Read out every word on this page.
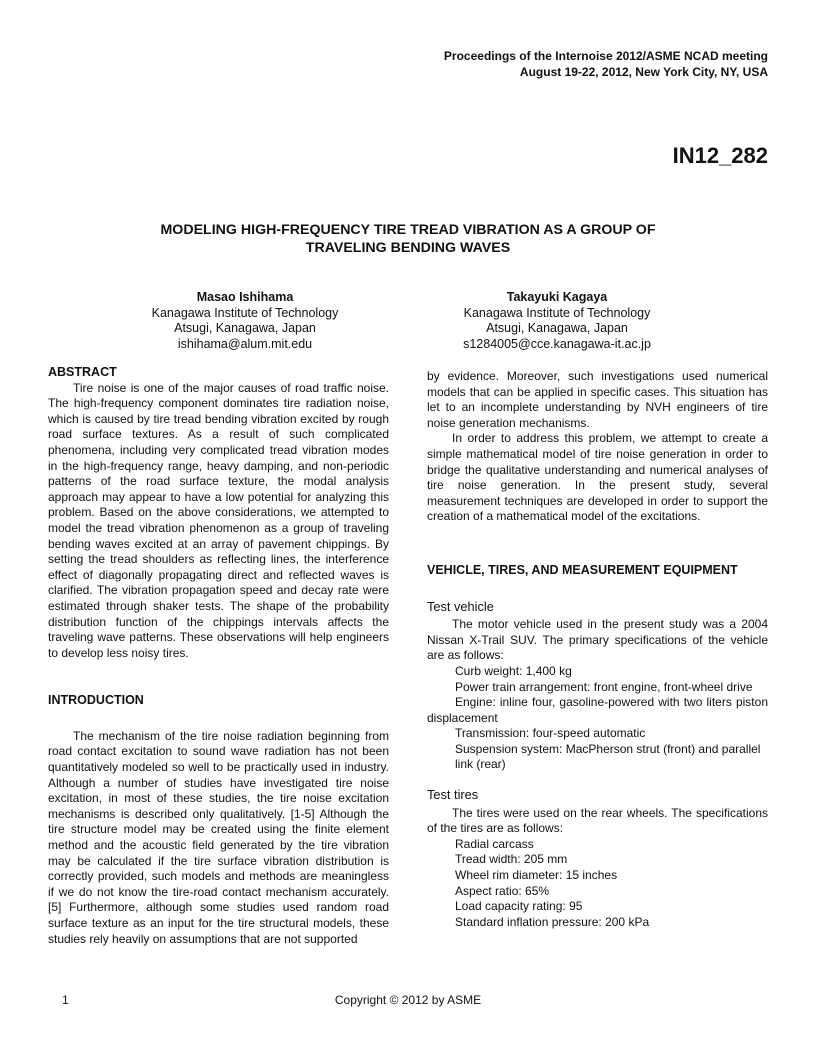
Proceedings of the Internoise 2012/ASME NCAD meeting
August 19-22, 2012, New York City, NY, USA
IN12_282
MODELING HIGH-FREQUENCY TIRE TREAD VIBRATION AS A GROUP OF
TRAVELING BENDING WAVES
Masao Ishihama
Kanagawa Institute of Technology
Atsugi, Kanagawa, Japan
ishihama@alum.mit.edu
Takayuki Kagaya
Kanagawa Institute of Technology
Atsugi, Kanagawa, Japan
s1284005@cce.kanagawa-it.ac.jp
ABSTRACT

Tire noise is one of the major causes of road traffic noise. The high-frequency component dominates tire radiation noise, which is caused by tire tread bending vibration excited by rough road surface textures. As a result of such complicated phenomena, including very complicated tread vibration modes in the high-frequency range, heavy damping, and non-periodic patterns of the road surface texture, the modal analysis approach may appear to have a low potential for analyzing this problem. Based on the above considerations, we attempted to model the tread vibration phenomenon as a group of traveling bending waves excited at an array of pavement chippings. By setting the tread shoulders as reflecting lines, the interference effect of diagonally propagating direct and reflected waves is clarified. The vibration propagation speed and decay rate were estimated through shaker tests. The shape of the probability distribution function of the chippings intervals affects the traveling wave patterns. These observations will help engineers to develop less noisy tires.

INTRODUCTION

The mechanism of the tire noise radiation beginning from road contact excitation to sound wave radiation has not been quantitatively modeled so well to be practically used in industry. Although a number of studies have investigated tire noise excitation, in most of these studies, the tire noise excitation mechanisms is described only qualitatively. [1-5] Although the tire structure model may be created using the finite element method and the acoustic field generated by the tire vibration may be calculated if the tire surface vibration distribution is correctly provided, such models and methods are meaningless if we do not know the tire-road contact mechanism accurately.[5] Furthermore, although some studies used random road surface texture as an input for the tire structural models, these studies rely heavily on assumptions that are not supported

by evidence. Moreover, such investigations used numerical models that can be applied in specific cases. This situation has let to an incomplete understanding by NVH engineers of tire noise generation mechanisms.

In order to address this problem, we attempt to create a simple mathematical model of tire noise generation in order to bridge the qualitative understanding and numerical analyses of tire noise generation. In the present study, several measurement techniques are developed in order to support the creation of a mathematical model of the excitations.

VEHICLE, TIRES, AND MEASUREMENT EQUIPMENT
Test vehicle

The motor vehicle used in the present study was a 2004 Nissan X-Trail SUV. The primary specifications of the vehicle are as follows:

Curb weight: 1,400 kg
Power train arrangement: front engine, front-wheel drive
Engine: inline four, gasoline-powered with two liters piston displacement
Transmission: four-speed automatic
Suspension system: MacPherson strut (front) and parallel link (rear)
Test tires

The tires were used on the rear wheels. The specifications of the tires are as follows:

Radial carcass
Tread width: 205 mm
Wheel rim diameter: 15 inches
Aspect ratio: 65%
Load capacity rating: 95
Standard inflation pressure: 200 kPa
Copyright © 2012 by ASME
1
